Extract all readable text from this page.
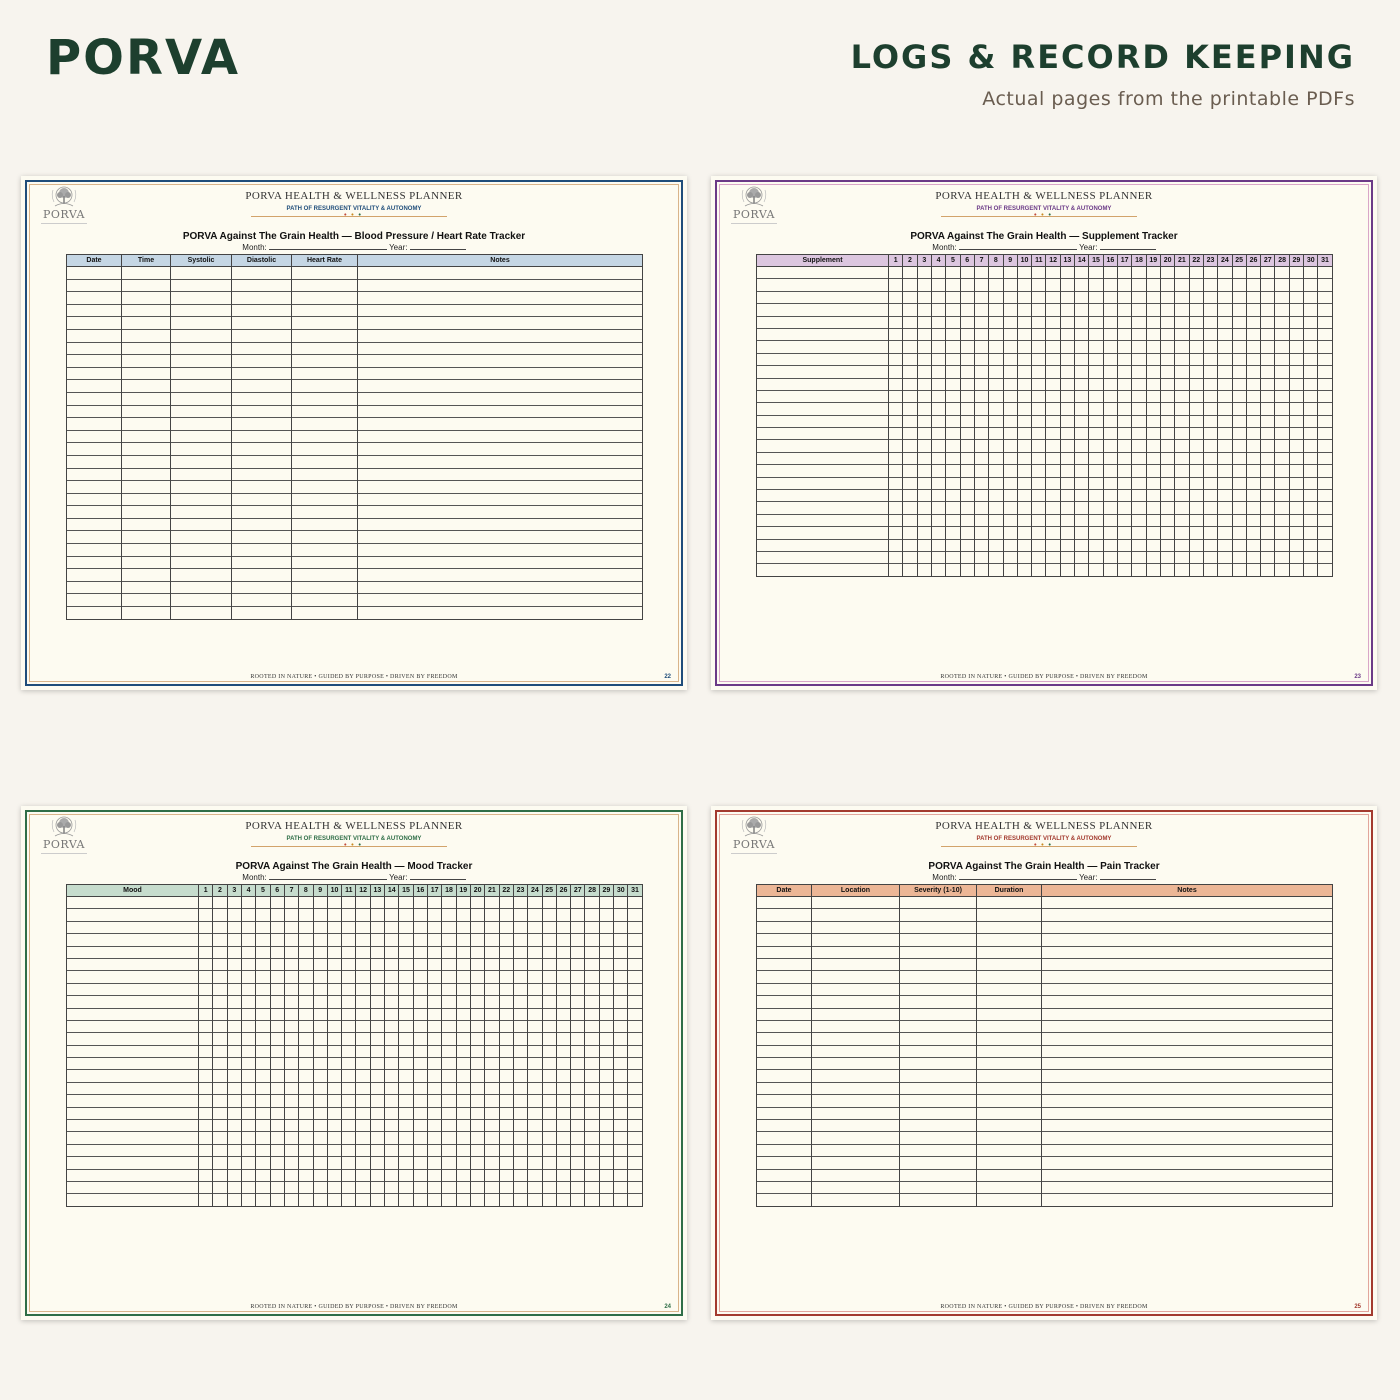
PORVA	LOGS & RECORD KEEPING
Actual pages from the printable PDFs
PORVA
PORVA HEALTH & WELLNESS PLANNER
PATH OF RESURGENT VITALITY & AUTONOMY
•••
PORVA Against The Grain Health — Blood Pressure / Heart Rate Tracker
Month:	Year:
Date	Time	Systolic	Diastolic	Heart Rate	Notes

ROOTED IN NATURE • GUIDED BY PURPOSE • DRIVEN BY FREEDOM	22
PORVA
PORVA HEALTH & WELLNESS PLANNER
PATH OF RESURGENT VITALITY & AUTONOMY
•••
PORVA Against The Grain Health — Supplement Tracker
Month:	Year:
Supplement	1	2	3	4	5	6	7	8	9	10	11	12	13	14	15	16	17	18	19	20	21	22	23	24	25	26	27	28	29	30	31

ROOTED IN NATURE • GUIDED BY PURPOSE • DRIVEN BY FREEDOM	23
PORVA
PORVA HEALTH & WELLNESS PLANNER
PATH OF RESURGENT VITALITY & AUTONOMY
•••
PORVA Against The Grain Health — Mood Tracker
Month:	Year:
Mood	1	2	3	4	5	6	7	8	9	10	11	12	13	14	15	16	17	18	19	20	21	22	23	24	25	26	27	28	29	30	31

ROOTED IN NATURE • GUIDED BY PURPOSE • DRIVEN BY FREEDOM	24
PORVA
PORVA HEALTH & WELLNESS PLANNER
PATH OF RESURGENT VITALITY & AUTONOMY
•••
PORVA Against The Grain Health — Pain Tracker
Month:	Year:
Date	Location	Severity (1-10)	Duration	Notes

ROOTED IN NATURE • GUIDED BY PURPOSE • DRIVEN BY FREEDOM	25
